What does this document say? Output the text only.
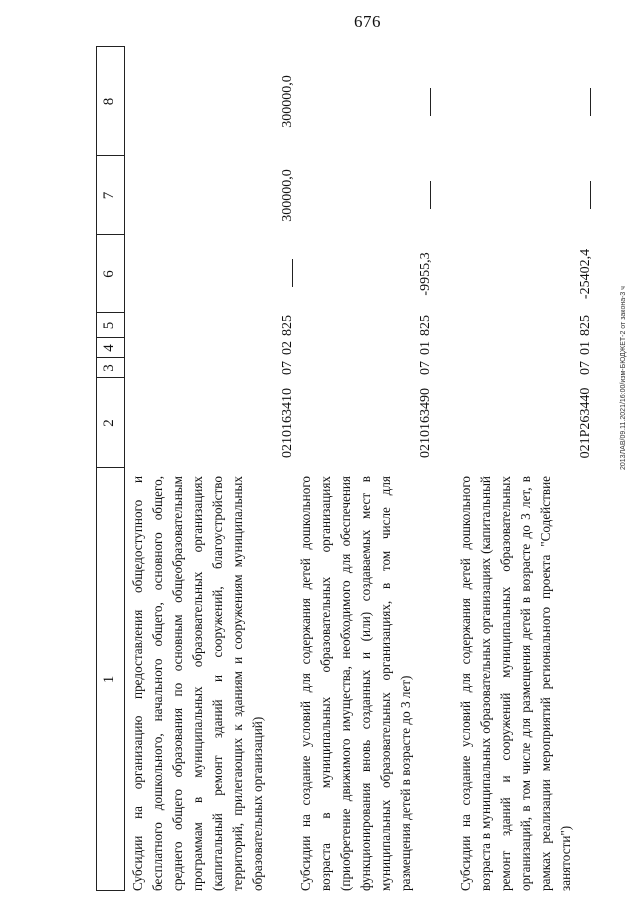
676
2013ЛАВ/09.11.2021/16:00/изм-БЮДЖЕТ-2 от закона-3 ч
1
2
3
4
5
6
7
8
Субсидии на организацию предоставления общедоступного и бесплатного дошкольного, начального общего, основного общего, среднего общего образования по основным общеобразовательным программам в муниципальных образовательных организациях (капитальный ремонт зданий и сооружений, благоустройство территорий, прилегающих к зданиям и сооружениям муниципальных образовательных организаций)
0210163410
07
02
825
300000,0
300000,0
Субсидии на создание условий для содержания детей дошкольного возраста в муниципальных образовательных организациях (приобретение движимого имущества, необходимого для обеспечения функционирования вновь созданных и (или) создаваемых мест в муниципальных образовательных организациях, в том числе для размещения детей в возрасте до 3 лет)
0210163490
07
01
825
-9955,3
Субсидии на создание условий для содержания детей дошкольного возраста в муниципальных образовательных организациях (капитальный ремонт зданий и сооружений муниципальных образовательных организаций, в том числе для размещения детей в возрасте до 3 лет, в рамках реализации мероприятий регионального проекта "Содействие занятости")
021P263440
07
01
825
-25402,4
